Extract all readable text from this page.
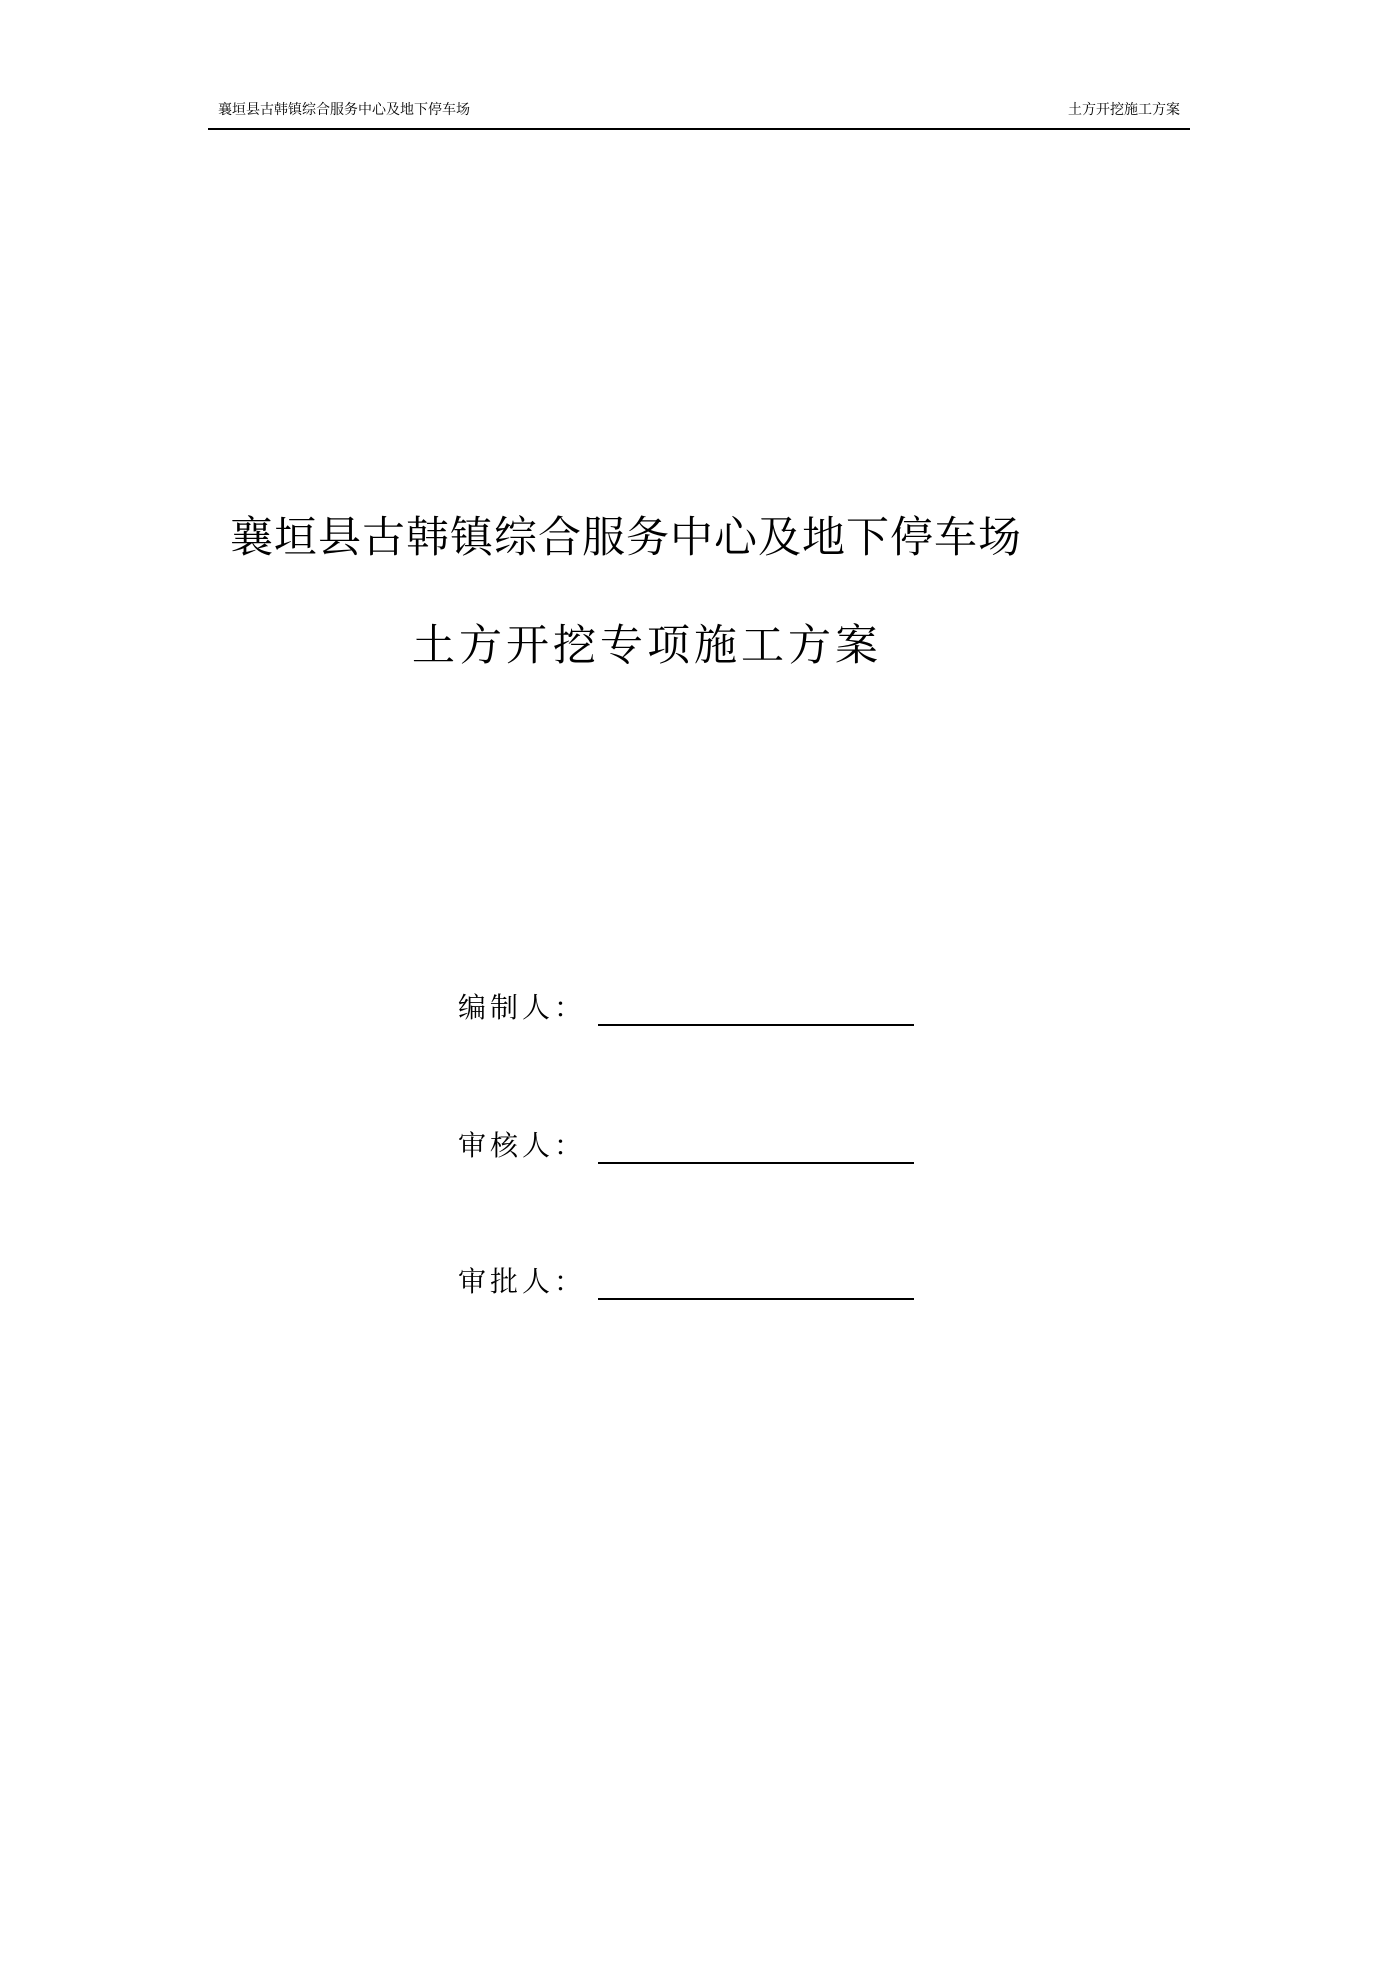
襄垣县古韩镇综合服务中心及地下停车场	土方开挖施工方案
襄垣县古韩镇综合服务中心及地下停车场
土方开挖专项施工方案
编制人：
审核人：
审批人：
